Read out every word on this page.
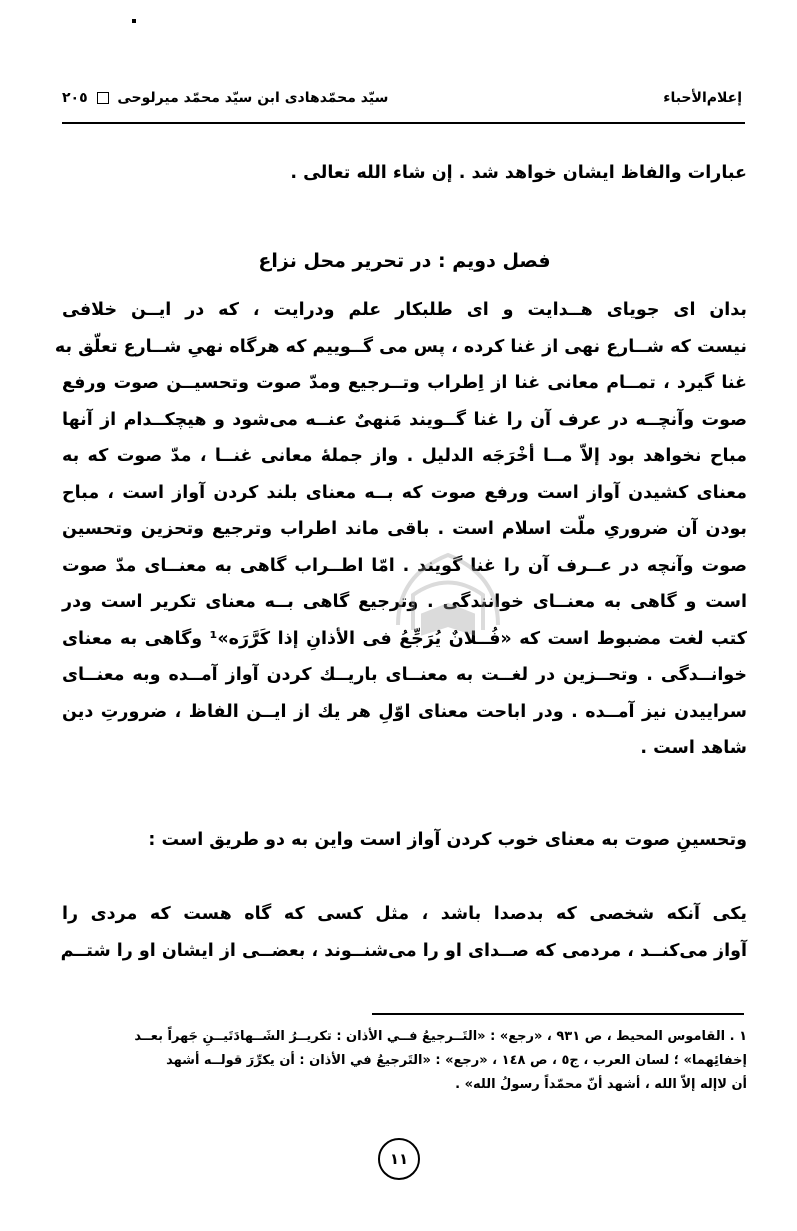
إعلام‌الأحباء
سيّد محمّدهادى ابن سيّد محمّد ميرلوحى  ٢٠٥
عبارات والفاظ ایشان خواهد شد . إن شاء الله تعالى .
فصل دويم : در تحرير محل نزاع
بدان ای جویای هــدایت و ای طلبکار علم ودرایت ، که در ایــن خلافی
نیست که شــارع نهی از غنا کرده ، پس می گــوییم که هرگاه نهیِ شــارع تعلّق به
غنا گیرد ، تمــام معانی غنا از اِطراب وتــرجیع ومدّ صوت وتحسیــن صوت ورفع
صوت وآنچــه در عرف آن را غنا گــویند مَنهیٌ عنــه می‌شود و هیچکــدام از آنها
مباح نخواهد بود إلاّ مــا أخْرَجَه الدلیل . واز جملهٔ معانی غنــا ، مدّ صوت که به
معنای کشیدن آواز است ورفع صوت که بــه معنای بلند کردن آواز است ، مباح
بودن آن ضروریِ ملّت اسلام است . باقی ماند اطراب وترجیع وتحزین وتحسین
صوت وآنچه در عــرف آن را غنا گویند . امّا اطــراب گاهی به معنــای مدّ صوت
است و گاهی به معنــای خوانندگی . وترجیع گاهی بــه معنای تکریر است ودر
کتب لغت مضبوط است که «فُــلانٌ یُرَجِّعُ فی الأذانِ إذا کَرَّرَه»¹ وگاهی به معنای
خوانــدگی . وتحــزین در لغــت به معنــای باریــك کردن آواز آمــده وبه معنــای
سراییدن نیز آمــده . ودر اباحت معنای اوّلِ هر یك از ایــن الفاظ ، ضرورتِ دین
شاهد است .
وتحسینِ صوت به معنای خوب کردن آواز است واین به دو طریق است :
یکی آنکه شخصی که بدصدا باشد ، مثل کسی که گاه هست که مردی را
آواز می‌کنــد ، مردمی که صــدای او را می‌شنــوند ، بعضــی از ایشان او را شتــم
١ . القاموس المحیط ، ص ٩٣١ ، «رجع» : «التَــرجیعُ فــي الأذان : تکریــرُ الشَــهادَتَیــنِ جَهراً بعــد
إخفائِهما» ؛ لسان العرب ، ج٥ ، ص ١٤٨ ، «رجع» : «التَرجیعُ في الأذان : أن یکرِّرَ قولــه أشهد
أن لاإله إلاّ الله ، أشهد أنّ محمّداً رسولُ الله» .
١١
